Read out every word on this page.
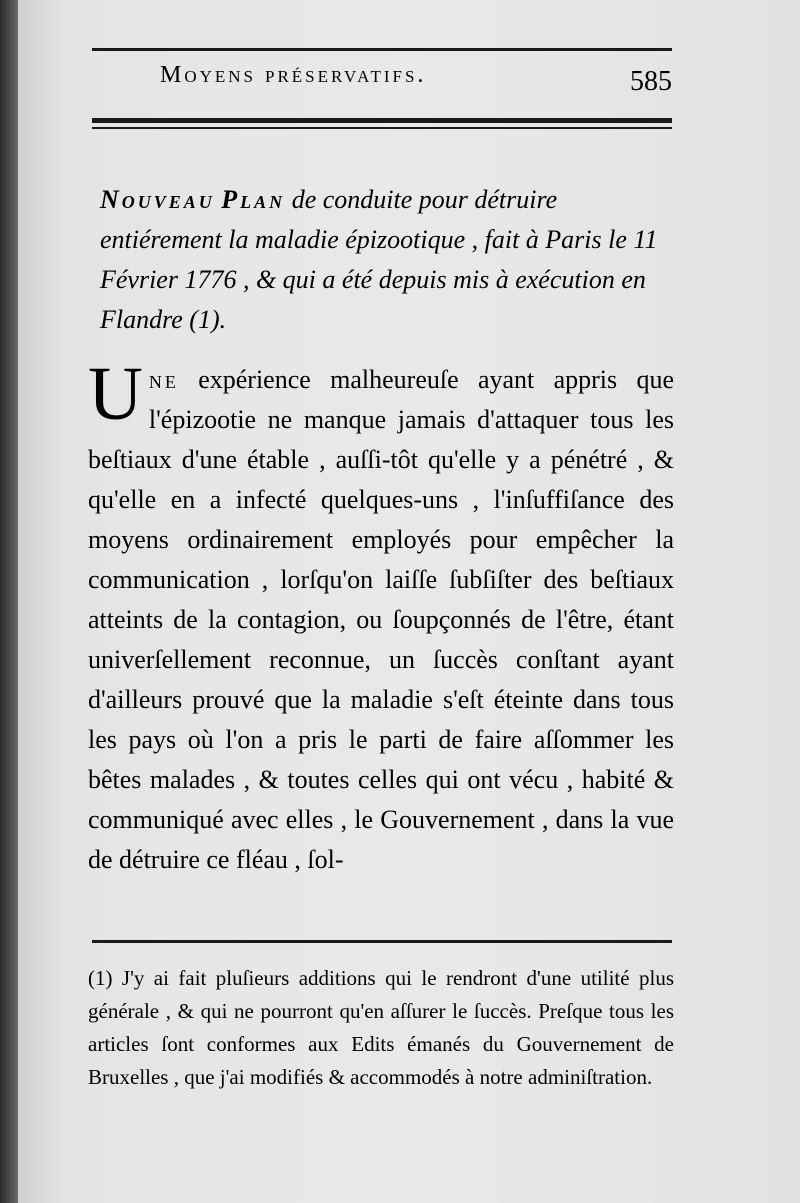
Moyens préservatifs.	585
Nouveau Plan de conduite pour détruire entiérement la maladie épizootique , fait à Paris le 11 Février 1776 , & qui a été depuis mis à exécution en Flandre (1).
U ne expérience malheureuſe ayant appris que l'épizootie ne manque jamais d'attaquer tous les beſtiaux d'une étable , auſſi-tôt qu'elle y a pénétré , & qu'elle en a infecté quelques-uns , l'inſuffiſance des moyens ordinairement employés pour empêcher la communication , lorſqu'on laiſſe ſubſiſter des beſtiaux atteints de la contagion, ou ſoupçonnés de l'être, étant univerſellement reconnue, un ſuccès conſtant ayant d'ailleurs prouvé que la maladie s'eſt éteinte dans tous les pays où l'on a pris le parti de faire aſſommer les bêtes malades , & toutes celles qui ont vécu , habité & communiqué avec elles , le Gouvernement , dans la vue de détruire ce fléau , ſol-
(1) J'y ai fait pluſieurs additions qui le rendront d'une utilité plus générale , & qui ne pourront qu'en aſſurer le ſuccès. Preſque tous les articles ſont conformes aux Edits émanés du Gouvernement de Bruxelles , que j'ai modifiés & accommodés à notre adminiſtration.
